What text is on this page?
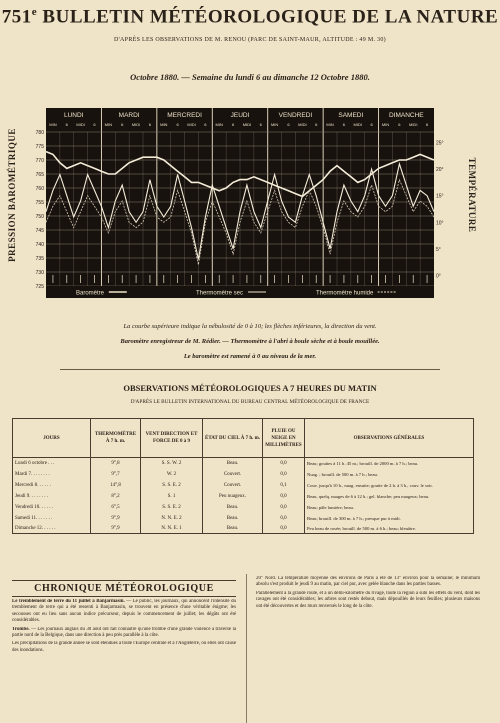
751e BULLETIN MÉTÉOROLOGIQUE DE LA NATURE
D'APRÈS LES OBSERVATIONS DE M. RENOU (PARC DE SAINT-MAUR, ALTITUDE : 49 M. 30)
Octobre 1880. — Semaine du lundi 6 au dimanche 12 Octobre 1880.
PRESSION BAROMÉTRIQUE	TEMPÉRATURE
LUNDI
MIN 6 MIDI 6
MARDI
MIN 6 MIDI 6
MERCREDI
MIN 6 MIDI 6
JEUDI
MIN 6 MIDI 6
VENDREDI
MIN 6 MIDI 6
SAMEDI
MIN 6 MIDI 6
DIMANCHE
MIN 6 MIDI 6
780
775
770
765
760
755
750
745
740
735
730
725
25°
20°
15°
10°
5°
0°
Baromètre	Thermomètre sec	Thermomètre humide
La courbe supérieure indique la nébulosité de 0 à 10; les flèches inférieures, la direction du vent.
Baromètre enregistreur de M. Rédier. — Thermomètre à l'abri à boule sèche et à boule mouillée.
Le baromètre est ramené à 0 au niveau de la mer.
OBSERVATIONS MÉTÉOROLOGIQUES A 7 HEURES DU MATIN
D'APRÈS LE BULLETIN INTERNATIONAL DU BUREAU CENTRAL MÉTÉOROLOGIQUE DE FRANCE
JOURS	THERMOMÈTRE À 7 h. m.	VENT DIRECTION ET FORCE DE 0 à 9	ÉTAT DU CIEL À 7 h. m.	PLUIE OU NEIGE EN MILLIMÈTRES	OBSERVATIONS GÉNÉRALES
Lundi 6 octobre . . .	9°,8	S. S. W. 2	Beau.	0,0	Beau; gouttes à 11 h. 45 m.; brouill. de 2000 m. à 7 h.; beau.
Mardi 7. . . . . . . .	9°,7	W. 2	Couvert.	0,0	Nuag. ; brouill. de 500 m. à 7 h.; beau.
Mercredi 8. . . . . .	14°,8	S. S. E. 2	Couvert.	0,1	Couv. jusqu'à 10 h., nuag. ensuite; goutte de 2 h. à 3 h., couv. le soir.
Jeudi 9. . . . . . . .	8°,2	S. 1	Peu nuageux.	0,0	Beau, quelq. nuages de 6 à 12 h.; gel. blanche; peu nuageux; beau.
Vendredi 10. . . . . .	6°,5	S. S. E. 2	Beau.	0,0	Beau; pâle lumière; beau.
Samedi 11. . . . . . .	9°,9	N. N. E. 2	Beau.	0,0	Beau; brouill. de 300 m. à 7 h.; presque pur à midi.
Dimanche 12. . . . . .	9°,9	N. N. E. 1	Beau.	0,0	Peu beau de rosée; brouill. de 500 m. à 6 h.; beau; bleuâtre.
CHRONIQUE MÉTÉOROLOGIQUE

Le tremblement de terre du 11 juillet à Banjarmasin. — Le public, les journaux, qui annoncent l'intensité du tremblement de terre qui a été ressenti à Banjarmasin, se trouvent en présence d'une véritable énigme; les secousses ont eu lieu sans aucun indice précurseur, depuis le commencement de juillet; les dégâts ont été considérables.

Trombe. — Les journaux anglais du 30 août ont fait connaître qu'une trombe d'une grande violence a traversé la partie nord de la Belgique, dans une direction à peu près parallèle à la côte.

Les précipitations de la grande année se sont étendues à toute l'Europe centrale et à l'Angleterre, où elles ont causé des inondations.

20° Nord. La température moyenne des environs de Paris a été de 13° environ pour la semaine; le minimum absolu s'est produit le jeudi 9 au matin, par ciel pur, avec gelée blanche dans les parties basses.

Parallèlement à la grande route, et à un demi-kilomètre du rivage, toute la région a subi les effets du vent, dont les ravages ont été considérables; les arbres sont restés debout, mais dépouillés de leurs feuilles; plusieurs maisons ont été découvertes et des murs renversés le long de la côte.
